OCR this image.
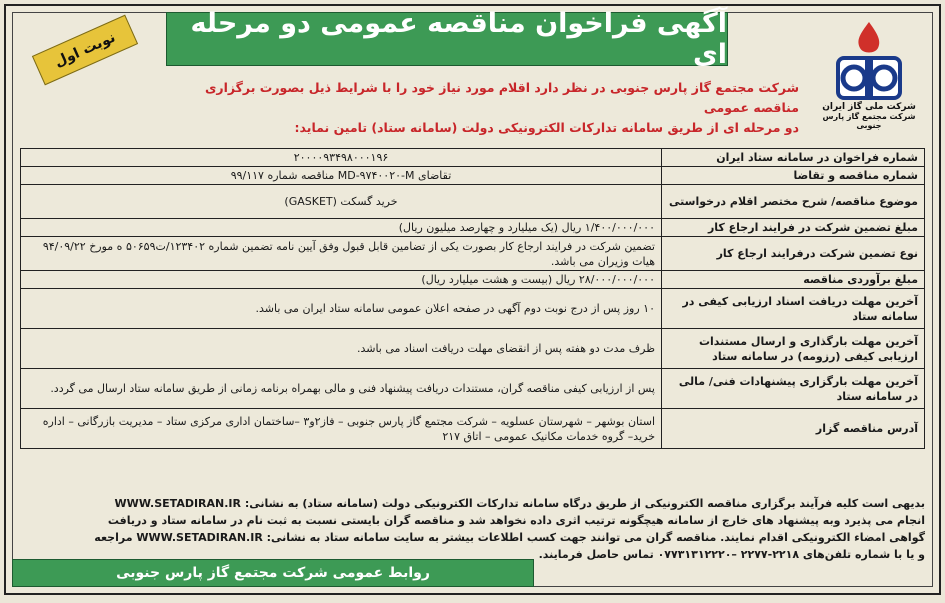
نوبت اول
آگهی فراخوان مناقصه عمومی دو مرحله ای
شرکت ملی گاز ایران
شرکت مجتمع گاز پارس جنوبی
شرکت مجتمع گاز پارس جنوبی در نظر دارد اقلام مورد نیاز خود را با شرایط ذیل بصورت برگزاری مناقصه عمومی
دو مرحله ای از طریق سامانه تدارکات الکترونیکی دولت (سامانه ستاد) تامین نماید:
شماره فراخوان در سامانه ستاد ایران	۲۰۰۰۰۹۳۴۹۸۰۰۰۱۹۶
شماره مناقصه و تقاضا	تقاضای MD-۹۷۴۰۰۲۰-M مناقصه شماره ۹۹/۱۱۷
موضوع مناقصه/ شرح مختصر اقلام درخواستی	خرید گسکت (GASKET)
مبلغ تضمین شرکت در فرایند ارجاع کار	۱/۴۰۰/۰۰۰/۰۰۰ ریال (یک میلیارد و چهارصد میلیون ریال)
نوع تضمین شرکت درفرایند ارجاع کار	تضمین شرکت در فرایند ارجاع کار بصورت یکی از تضامین قابل قبول وفق آیین نامه تضمین شماره ۱۲۳۴۰۲/ت۵۰۶۵۹ ه مورخ ۹۴/۰۹/۲۲ هیات وزیران می باشد.
مبلغ برآوردی مناقصه	۲۸/۰۰۰/۰۰۰/۰۰۰ ریال (بیست و هشت میلیارد ریال)
آخرین مهلت دریافت اسناد ارزیابی کیفی در سامانه ستاد	۱۰ روز پس از درج نوبت دوم آگهی در صفحه اعلان عمومی سامانه ستاد ایران می باشد.
آخرین مهلت بارگذاری و ارسال مستندات ارزیابی کیفی (رزومه) در سامانه ستاد	ظرف مدت دو هفته پس از انقضای مهلت دریافت اسناد می باشد.
آخرین مهلت بارگزاری پیشنهادات فنی/ مالی در سامانه ستاد	پس از ارزیابی کیفی مناقصه گران، مستندات دریافت پیشنهاد فنی و مالی بهمراه برنامه زمانی از طریق سامانه ستاد ارسال می گردد.
آدرس مناقصه گزار	استان بوشهر – شهرستان عسلویه – شرکت مجتمع گاز پارس جنوبی – فاز۲و۳ –ساختمان اداری مرکزی ستاد – مدیریت بازرگانی – اداره خرید– گروه خدمات مکانیک عمومی – اتاق ۲۱۷
بدیهی است کلیه فرآیند برگزاری مناقصه الکترونیکی از طریق درگاه سامانه تدارکات الکترونیکی دولت (سامانه ستاد) به نشانی: WWW.SETADIRAN.IR
انجام می پذیرد وبه پیشنهاد های خارج از سامانه هیچگونه ترتیب اثری داده نخواهد شد و مناقصه گران بایستی نسبت به ثبت نام در سامانه ستاد و دریافت
گواهی امضاء الکترونیکی اقدام نمایند. مناقصه گران می توانند جهت کسب اطلاعات بیشتر به سایت سامانه ستاد به نشانی: WWW.SETADIRAN.IR مراجعه
و یا با شماره تلفن‌های ۲۲۱۸-۲۲۷۷ –۰۷۷۳۱۳۱۲۲۲۰ تماس حاصل فرمایند.
روابط عمومی شرکت مجتمع گاز پارس جنوبی
